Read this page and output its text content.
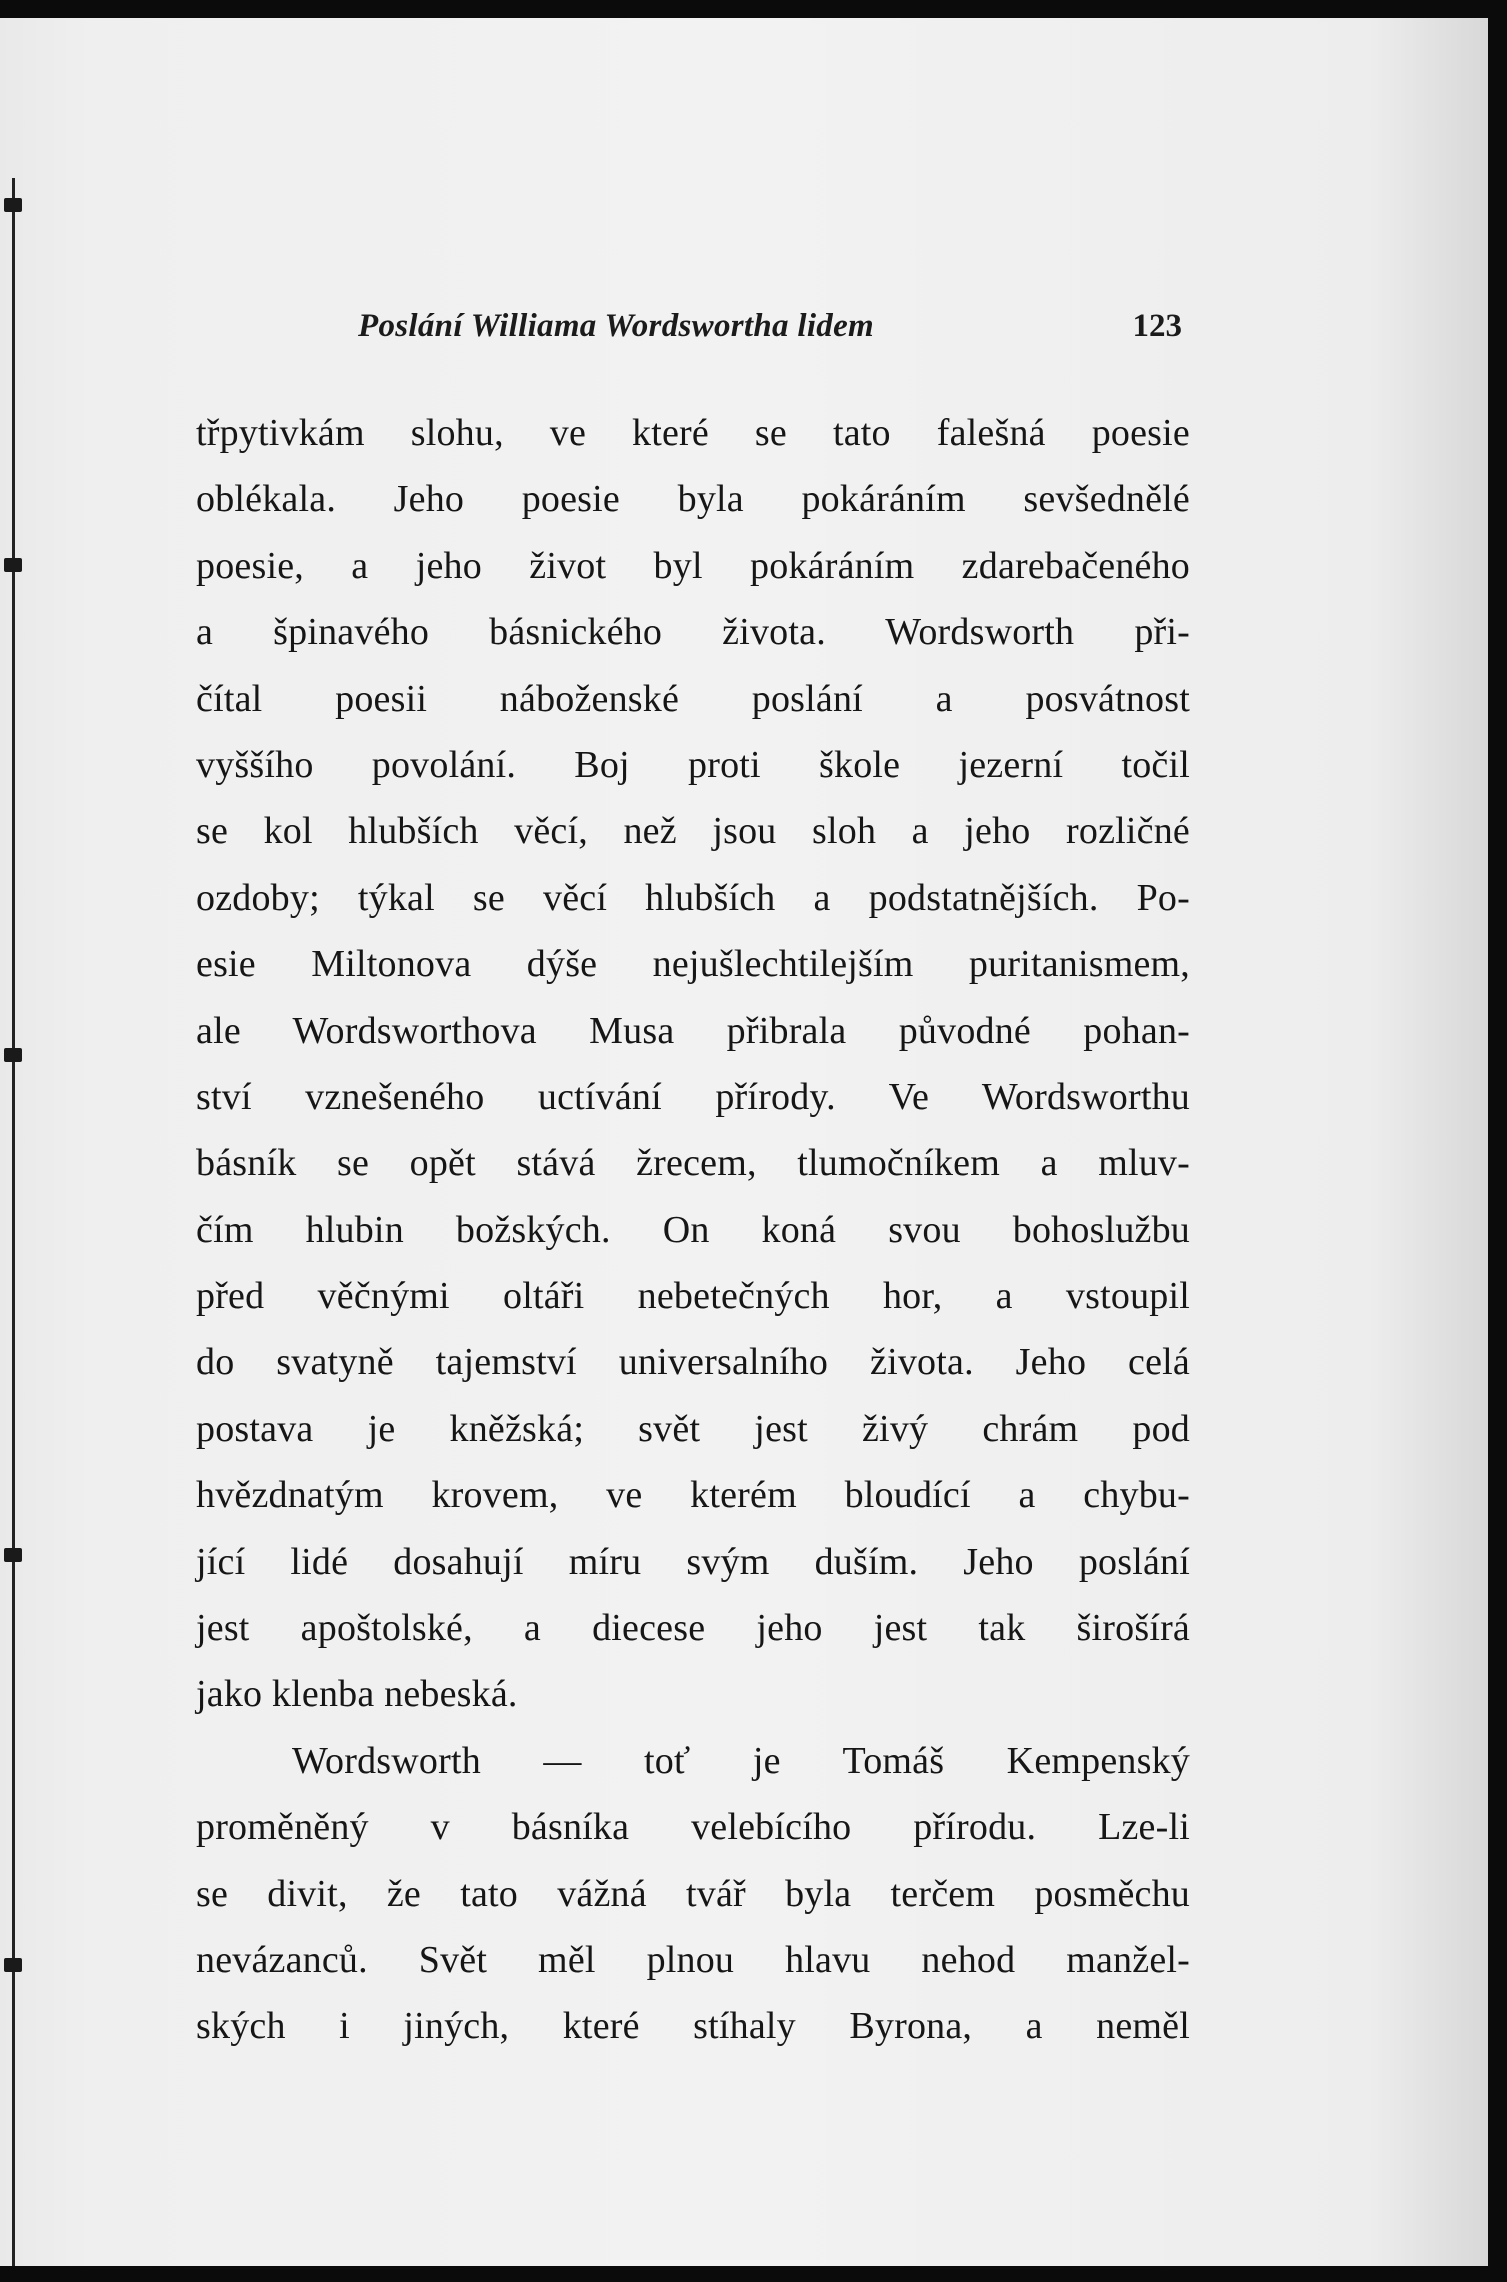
Poslání Williama Wordswortha lidem	123
třpytivkám slohu, ve které se tato falešná poesie
oblékala. Jeho poesie byla pokáráním sevšednělé
poesie, a jeho život byl pokáráním zdarebačeného
a špinavého básnického života. Wordsworth při-
čítal poesii náboženské poslání a posvátnost
vyššího povolání. Boj proti škole jezerní točil
se kol hlubších věcí, než jsou sloh a jeho rozličné
ozdoby; týkal se věcí hlubších a podstatnějších. Po-
esie Miltonova dýše nejušlechtilejším puritanismem,
ale Wordsworthova Musa přibrala původné pohan-
ství vznešeného uctívání přírody. Ve Wordsworthu
básník se opět stává žrecem, tlumočníkem a mluv-
čím hlubin božských. On koná svou bohoslužbu
před věčnými oltáři nebetečných hor, a vstoupil
do svatyně tajemství universalního života. Jeho celá
postava je kněžská; svět jest živý chrám pod
hvězdnatým krovem, ve kterém bloudící a chybu-
jící lidé dosahují míru svým duším. Jeho poslání
jest apoštolské, a diecese jeho jest tak širošírá
jako klenba nebeská.
Wordsworth — toť je Tomáš Kempenský
proměněný v básníka velebícího přírodu. Lze-li
se divit, že tato vážná tvář byla terčem posměchu
nevázanců. Svět měl plnou hlavu nehod manžel-
ských i jiných, které stíhaly Byrona, a neměl
